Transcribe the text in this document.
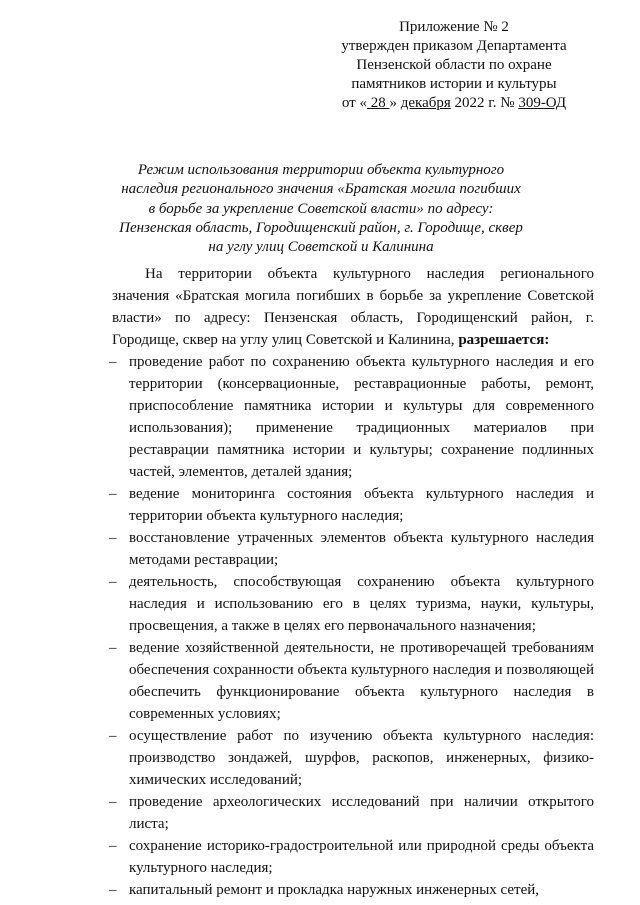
Приложение № 2
утвержден приказом Департамента
Пензенской области по охране
памятников истории и культуры
от « 28 » декабря 2022 г. № 309-ОД
Режим использования территории объекта культурного наследия регионального значения «Братская могила погибших в борьбе за укрепление Советской власти» по адресу: Пензенская область, Городищенский район, г. Городище, сквер на углу улиц Советской и Калинина

На территории объекта культурного наследия регионального значения «Братская могила погибших в борьбе за укрепление Советской власти» по адресу: Пензенская область, Городищенский район, г. Городище, сквер на углу улиц Советской и Калинина, разрешается:

– проведение работ по сохранению объекта культурного наследия и его территории (консервационные, реставрационные работы, ремонт, приспособление памятника истории и культуры для современного использования); применение традиционных материалов при реставрации памятника истории и культуры; сохранение подлинных частей, элементов, деталей здания;
– ведение мониторинга состояния объекта культурного наследия и территории объекта культурного наследия;
– восстановление утраченных элементов объекта культурного наследия методами реставрации;
– деятельность, способствующая сохранению объекта культурного наследия и использованию его в целях туризма, науки, культуры, просвещения, а также в целях его первоначального назначения;
– ведение хозяйственной деятельности, не противоречащей требованиям обеспечения сохранности объекта культурного наследия и позволяющей обеспечить функционирование объекта культурного наследия в современных условиях;
– осуществление работ по изучению объекта культурного наследия: производство зондажей, шурфов, раскопов, инженерных, физико-химических исследований;
– проведение археологических исследований при наличии открытого листа;
– сохранение историко-градостроительной или природной среды объекта культурного наследия;
– капитальный ремонт и прокладка наружных инженерных сетей,
